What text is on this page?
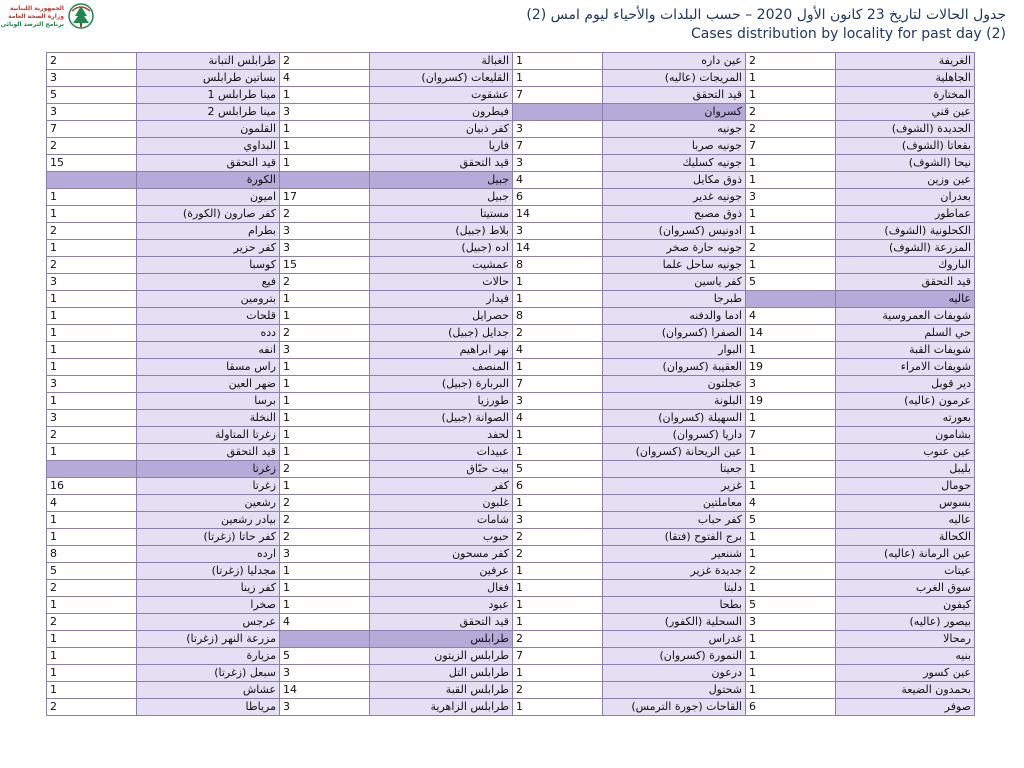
الجمهورية اللبنانية
وزارة الصحة العامة
برنامج الترصد الوبائي
جدول الحالات لتاريخ 23 كانون الأول 2020 – حسب البلدات والأحياء ليوم امس (2)
Cases distribution by locality for past day (2)
2	طرابلس التبانة	2	الغبالة	1	عين داره	2	الغريفة
3	بساتين طرابلس	4	القليعات (كسروان)	1	المريجات (عاليه)	1	الجاهلية
5	مينا طرابلس 1	1	عشقوت	7	قيد التحقق	1	المختارة
3	مينا طرابلس 2	3	فيطرون		كسروان	2	عين قني
7	القلمون	1	كفر ذبيان	3	جونيه	2	الجديدة (الشوف)
2	البداوي	1	فاريا	7	جونيه صربا	7	بقعاتا (الشوف)
15	قيد التحقق	1	قيد التحقق	3	جونيه كسليك	1	نيحا (الشوف)
	الكورة		جبيل	4	ذوق مكايل	1	عين وزين
1	اميون	17	جبيل	6	جونيه غدير	3	بعدران
1	كفر صارون (الكورة)	2	مستيتا	14	ذوق مصبح	1	عماطور
2	بطرام	3	بلاط (جبيل)	3	ادونيس (كسروان)	1	الكحلونية (الشوف)
1	كفر حزير	3	اده (جبيل)	14	جونيه حارة صخر	2	المزرعة (الشوف)
2	كوسبا	15	عمشيت	8	جونيه ساحل علما	1	الباروك
3	فيع	2	حالات	1	كفر ياسين	5	قيد التحقق
1	بترومين	1	فيدار	1	طبرجا		عاليه
1	قلحات	1	حصرايل	8	ادما والدفنه	4	شويفات العمروسية
1	دده	2	جدايل (جبيل)	2	الصفرا (كسروان)	14	حي السلم
1	انفه	3	نهر ابراهيم	4	البوار	1	شويفات القبة
1	راس مسقا	1	المنصف	1	العقيبة (كسروان)	19	شويفات الامراء
3	ضهر العين	1	البربارة (جبيل)	7	عجلتون	3	دير قوبل
1	برسا	1	طورزيا	3	البلونة	19	عرمون (عاليه)
3	النخلة	1	الصوانة (جبيل)	4	السهيلة (كسروان)	1	بعورته
2	زغرتا المتاولة	1	لحفد	1	داريا (كسروان)	7	بشامون
1	قيد التحقق	1	عبيدات	1	عين الريحانة (كسروان)	1	عين عنوب
	زغرتا	2	بيت حبّاق	5	جعيتا	1	بليبل
16	زغرتا	1	كفر	6	غزير	1	حومال
4	رشعين	2	غلبون	1	معاملتين	4	بسوس
1	بيادر رشعين	2	شامات	3	كفر حباب	5	عاليه
1	كفر حاتا (زغرتا)	2	حبوب	2	برج الفتوح (فتقا)	1	الكحالة
8	ارده	3	كفر مسحون	2	شننعير	1	عين الرمانة (عاليه)
5	مجدليا (زغرتا)	1	عرفين	1	جديدة غزير	2	عيتات
2	كفر زينا	1	فغال	1	دلبتا	1	سوق الغرب
1	صخرا	1	عبود	1	بطحا	5	كيفون
2	عرجس	4	قيد التحقق	1	السحلية (الكفور)	3	بيصور (عاليه)
1	مزرعة النهر (زغرتا)		طرابلس	2	غدراس	1	رمحالا
1	مزيارة	5	طرابلس الزيتون	7	النمورة (كسروان)	1	بنيه
1	سبعل (زغرتا)	3	طرابلس التل	1	درعون	1	عين كسور
1	عشاش	14	طرابلس القبة	2	شحتول	1	بحمدون الضيعة
2	مرياطا	3	طرابلس الزاهرية	1	القاحات (جورة الترمس)	6	صوفر
